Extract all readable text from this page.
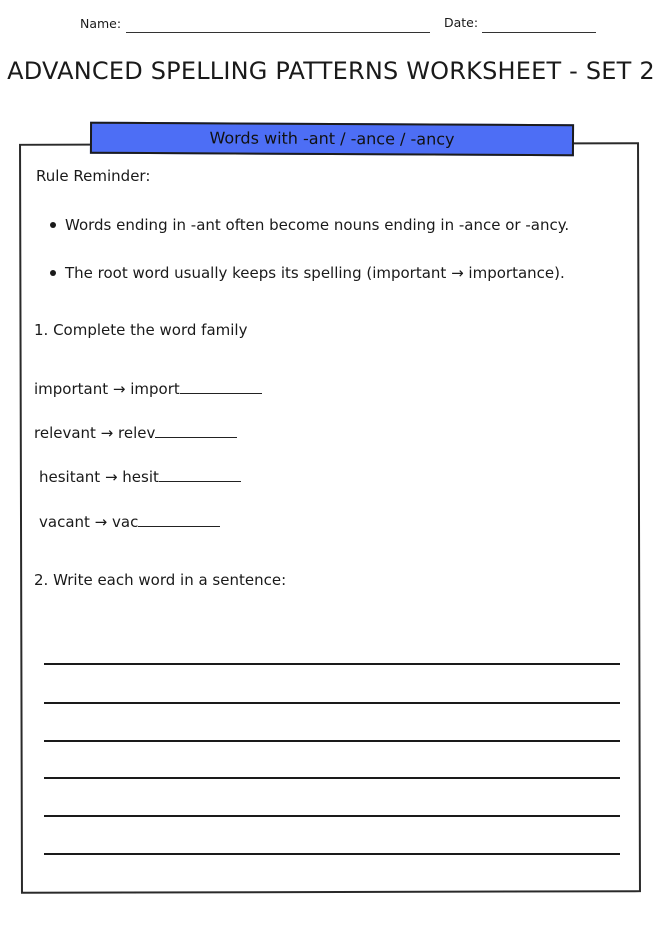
Name:	Date:
ADVANCED SPELLING PATTERNS WORKSHEET - SET 2
Words with -ant / -ance / -ancy
Rule Reminder:
Words ending in -ant often become nouns ending in -ance or -ancy.
The root word usually keeps its spelling (important → importance).
1. Complete the word family
important → import
relevant → relev
hesitant → hesit
vacant → vac
2. Write each word in a sentence:
